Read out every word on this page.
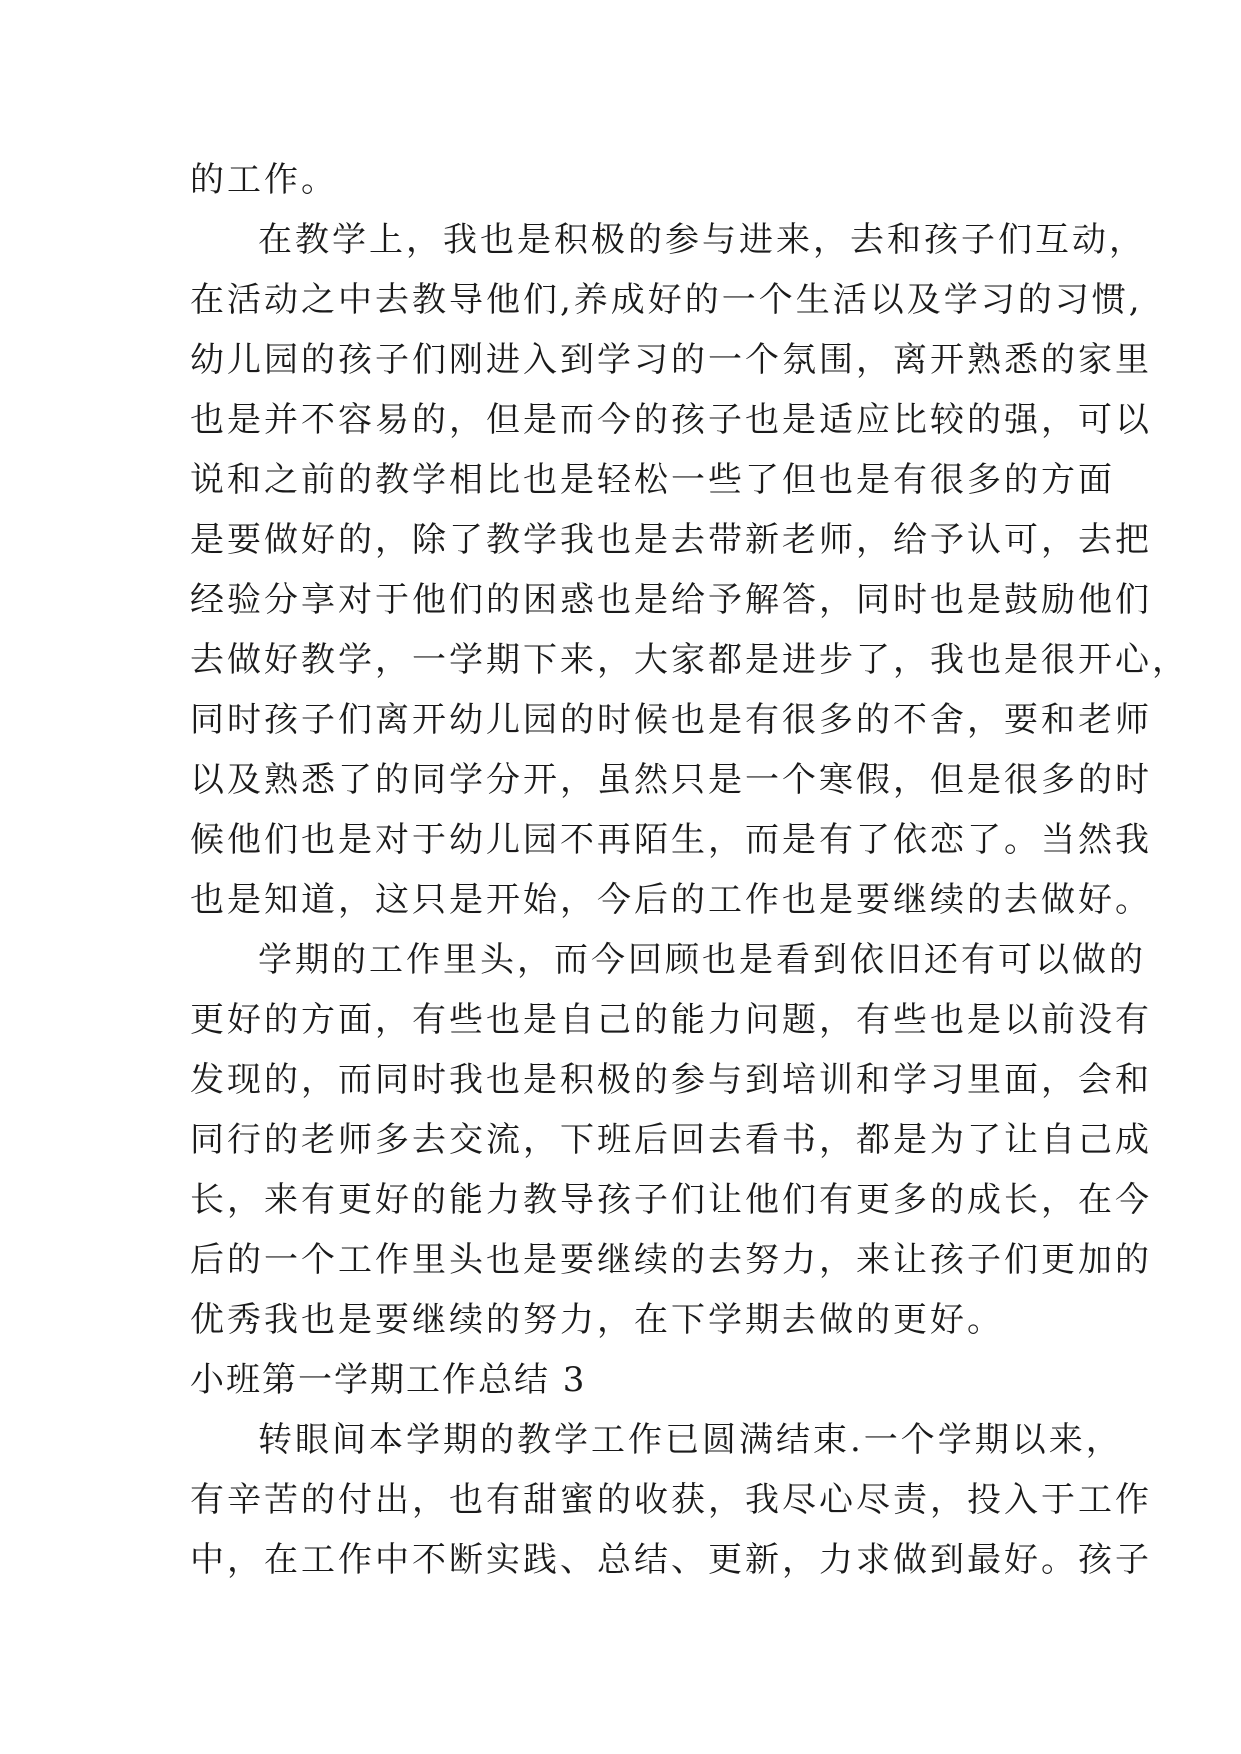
的工作。
在教学上，我也是积极的参与进来，去和孩子们互动，
在活动之中去教导他们,养成好的一个生活以及学习的习惯,
幼儿园的孩子们刚进入到学习的一个氛围，离开熟悉的家里
也是并不容易的，但是而今的孩子也是适应比较的强，可以
说和之前的教学相比也是轻松一些了但也是有很多的方面
是要做好的，除了教学我也是去带新老师，给予认可，去把
经验分享对于他们的困惑也是给予解答，同时也是鼓励他们
去做好教学，一学期下来，大家都是进步了，我也是很开心，
同时孩子们离开幼儿园的时候也是有很多的不舍，要和老师
以及熟悉了的同学分开，虽然只是一个寒假，但是很多的时
候他们也是对于幼儿园不再陌生，而是有了依恋了。当然我
也是知道，这只是开始，今后的工作也是要继续的去做好。
学期的工作里头，而今回顾也是看到依旧还有可以做的
更好的方面，有些也是自己的能力问题，有些也是以前没有
发现的，而同时我也是积极的参与到培训和学习里面，会和
同行的老师多去交流，下班后回去看书，都是为了让自己成
长，来有更好的能力教导孩子们让他们有更多的成长，在今
后的一个工作里头也是要继续的去努力，来让孩子们更加的
优秀我也是要继续的努力，在下学期去做的更好。
小班第一学期工作总结 3
转眼间本学期的教学工作已圆满结束.一个学期以来，
有辛苦的付出，也有甜蜜的收获，我尽心尽责，投入于工作
中，在工作中不断实践、总结、更新，力求做到最好。孩子
